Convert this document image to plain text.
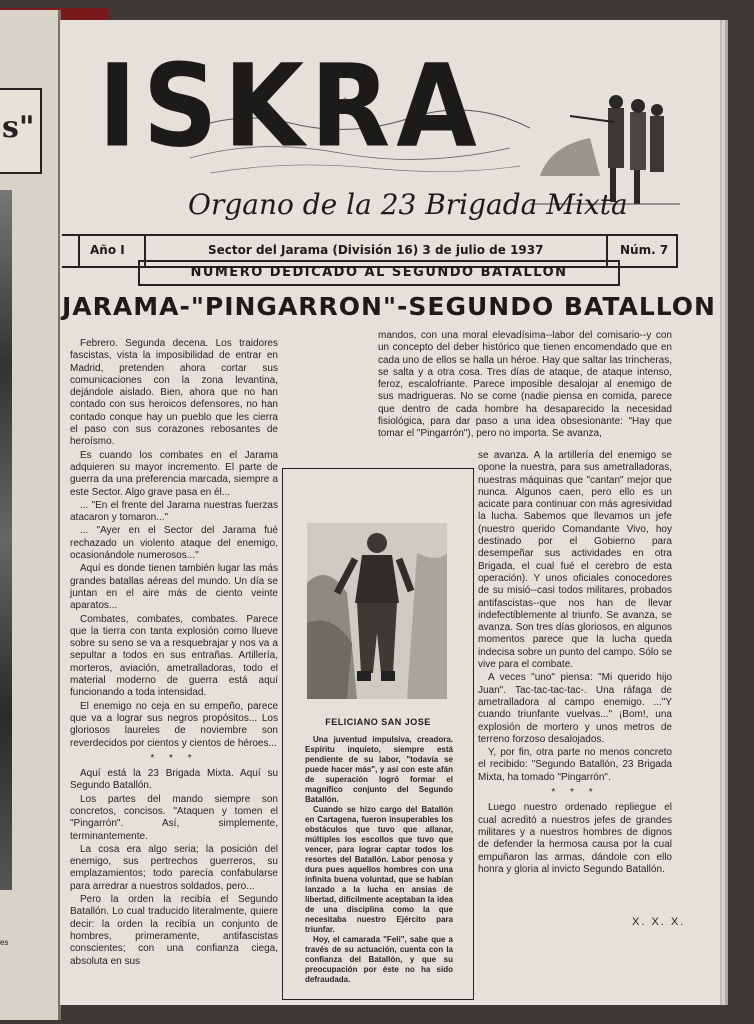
s"
es
ISKRA
Organo de la 23 Brigada Mixta
Año I	Sector del Jarama (División 16) 3 de julio de 1937	Núm. 7
NUMERO DEDICADO AL SEGUNDO BATALLON
JARAMA-"PINGARRON"-SEGUNDO BATALLON

Febrero. Segunda decena. Los traidores fascistas, vista la imposibilidad de entrar en Madrid, pretenden ahora cortar sus comunicaciones con la zona levantina, dejándole aislado. Bien, ahora que no han contado con sus heroicos defensores, no han contado conque hay un pueblo que les cierra el paso con sus corazones rebosantes de heroísmo.

Es cuando los combates en el Jarama adquieren su mayor incremento. El parte de guerra da una preferencia marcada, siempre a este Sector. Algo grave pasa en él...

... "En el frente del Jarama nuestras fuerzas atacaron y tomaron..."

... "Ayer en el Sector del Jarama fué rechazado un violento ataque del enemigo, ocasionándole numerosos..."

Aquí es donde tienen también lugar las más grandes batallas aéreas del mundo. Un día se juntan en el aire más de ciento veinte aparatos...

Combates, combates, combates. Parece que la tierra con tanta explosión como llueve sobre su seno se va a resquebrajar y nos va a sepultar a todos en sus entrañas. Artillería, morteros, aviación, ametralladoras, todo el material moderno de guerra está aquí funcionando a toda intensidad.

El enemigo no ceja en su empeño, parece que va a lograr sus negros propósitos... Los gloriosos laureles de noviembre son reverdecidos por cientos y cientos de héroes...

* * *

Aquí está la 23 Brigada Mixta. Aquí su Segundo Batallón.

Los partes del mando siempre son concretos, concisos. "Ataquen y tomen el "Pingarrón". Así, simplemente, terminantemente.

La cosa era algo seria; la posición del enemigo, sus pertrechos guerreros, su emplazamientos; todo parecía confabularse para arredrar a nuestros soldados, pero...

Pero la orden la recibía el Segundo Batallón. Lo cual traducido literalmente, quiere decir: la orden la recibía un conjunto de hombres, primeramente, antifascistas conscientes; con una confianza ciega, absoluta en sus

mandos, con una moral elevadísima--labor del comisario--y con un concepto del deber histórico que tienen encomendado que en cada uno de ellos se halla un héroe. Hay que saltar las trincheras, se salta y a otra cosa. Tres días de ataque, de ataque intenso, feroz, escalofriante. Parece imposible desalojar al enemigo de sus madrigueras. No se come (nadie piensa en comida, parece que dentro de cada hombre ha desaparecido la necesidad fisiológica, para dar paso a una idea obsesionante: "Hay que tomar el "Pingarrón"), pero no importa. Se avanza,

se avanza. A la artillería del enemigo se opone la nuestra, para sus ametralladoras, nuestras máquinas que "cantan" mejor que nunca. Algunos caen, pero ello es un acicate para continuar con más agresividad la lucha. Sabemos que llevamos un jefe (nuestro querido Comandante Vivo, hoy destinado por el Gobierno para desempeñar sus actividades en otra Brigada, el cual fué el cerebro de esta operación). Y unos oficiales conocedores de su misió--casi todos militares, probados antifascistas--que nos han de llevar indefectiblemente al triunfo. Se avanza, se avanza. Son tres días gloriosos, en algunos momentos parece que la lucha queda indecisa sobre un punto del campo. Sólo se vive para el combate.

A veces "uno" piensa: "Mi querido hijo Juan". Tac-tac-tac-tac-. Una ráfaga de ametralladora al campo enemigo. ..."Y cuando triunfante vuelvas..." ¡Bom!, una explosión de mortero y unos metros de terreno forzoso desalojados.

Y, por fin, otra parte no menos concreto el recibido: "Segundo Batallón, 23 Brigada Mixta, ha tomado "Pingarrón".

* * *

Luego nuestro ordenado repliegue el cual acreditó a nuestros jefes de grandes militares y a nuestros hombres de dignos de defender la hermosa causa por la cual empuñaron las armas, dándole con ello honra y gloria al invicto Segundo Batallón.

X. X. X.
FELICIANO SAN JOSE

Una juventud impulsiva, creadora. Espíritu inquieto, siempre está pendiente de su labor, "todavía se puede hacer más", y así con este afán de superación logró formar el magnífico conjunto del Segundo Batallón.

Cuando se hizo cargo del Batallón en Cartagena, fueron insuperables los obstáculos que tuvo que allanar, múltiples los escollos que tuvo que vencer, para lograr captar todos los resortes del Batallón. Labor penosa y dura pues aquellos hombres con una infinita buena voluntad, que se habían lanzado a la lucha en ansias de libertad, difícilmente aceptaban la idea de una disciplina como la que necesitaba nuestro Ejército para triunfar.

Hoy, el camarada "Feli", sabe que a través de su actuación, cuenta con la confianza del Batallón, y que su preocupación por éste no ha sido defraudada.
